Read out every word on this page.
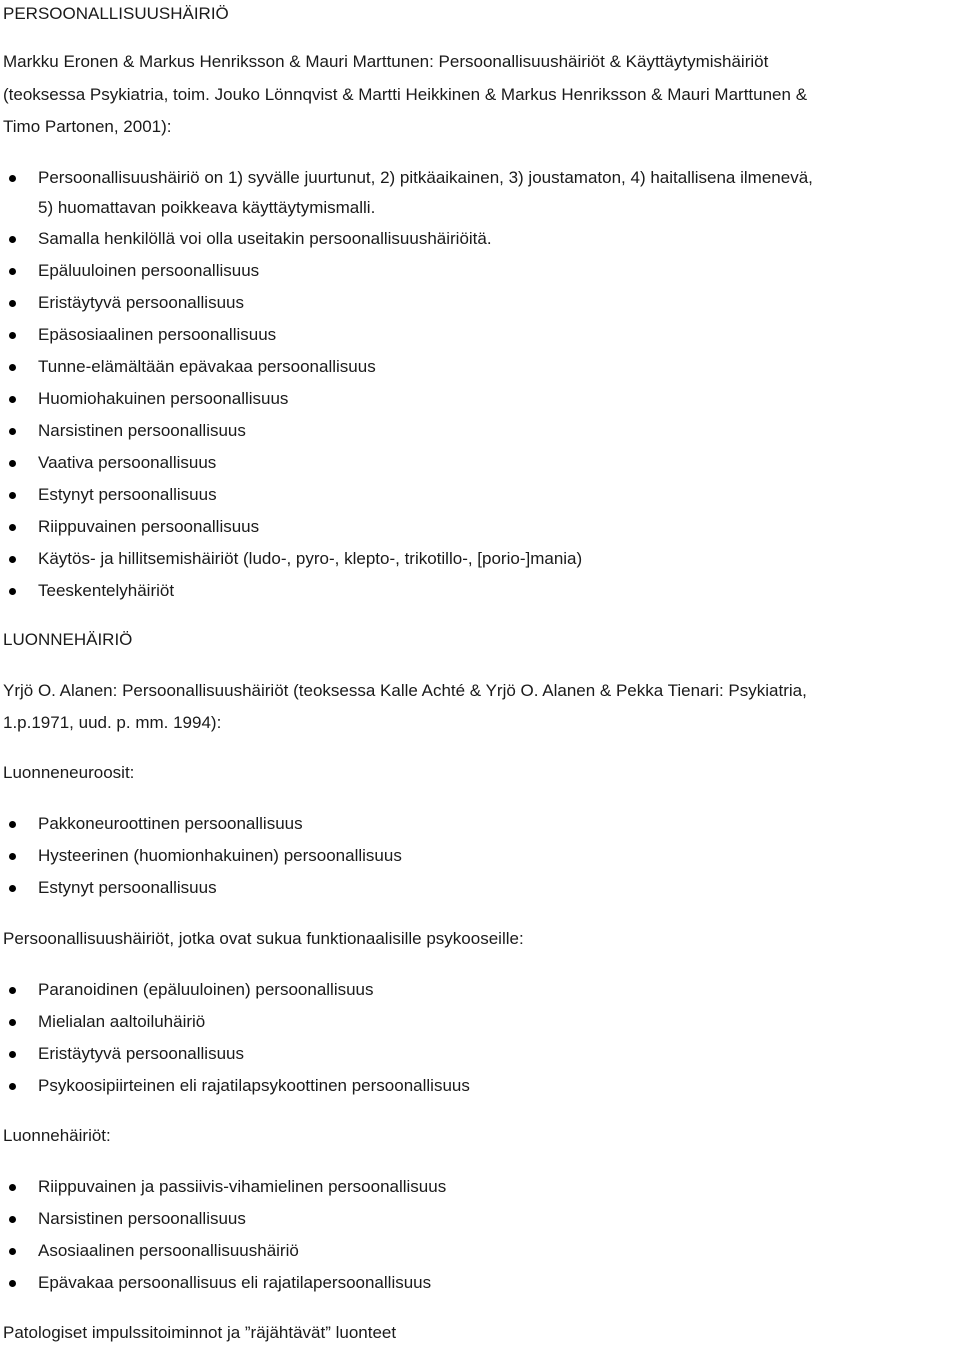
PERSOONALLISUUSHÄIRIÖ
Markku Eronen & Markus Henriksson & Mauri Marttunen: Persoonallisuushäiriöt & Käyttäytymishäiriöt
(teoksessa Psykiatria, toim. Jouko Lönnqvist & Martti Heikkinen & Markus Henriksson & Mauri Marttunen &
Timo Partonen, 2001):
Persoonallisuushäiriö on 1) syvälle juurtunut, 2) pitkäaikainen, 3) joustamaton, 4) haitallisena ilmenevä,
5) huomattavan poikkeava käyttäytymismalli.
Samalla henkilöllä voi olla useitakin persoonallisuushäiriöitä.
Epäluuloinen persoonallisuus
Eristäytyvä persoonallisuus
Epäsosiaalinen persoonallisuus
Tunne-elämältään epävakaa persoonallisuus
Huomiohakuinen persoonallisuus
Narsistinen persoonallisuus
Vaativa persoonallisuus
Estynyt persoonallisuus
Riippuvainen persoonallisuus
Käytös- ja hillitsemishäiriöt (ludo-, pyro-, klepto-, trikotillo-, [porio-]mania)
Teeskentelyhäiriöt
LUONNEHÄIRIÖ
Yrjö O. Alanen: Persoonallisuushäiriöt (teoksessa Kalle Achté & Yrjö O. Alanen & Pekka Tienari: Psykiatria,
1.p.1971, uud. p. mm. 1994):
Luonneneuroosit:
Pakkoneuroottinen persoonallisuus
Hysteerinen (huomionhakuinen) persoonallisuus
Estynyt persoonallisuus
Persoonallisuushäiriöt, jotka ovat sukua funktionaalisille psykooseille:
Paranoidinen (epäluuloinen) persoonallisuus
Mielialan aaltoiluhäiriö
Eristäytyvä persoonallisuus
Psykoosipiirteinen eli rajatilapsykoottinen persoonallisuus
Luonnehäiriöt:
Riippuvainen ja passiivis-vihamielinen persoonallisuus
Narsistinen persoonallisuus
Asosiaalinen persoonallisuushäiriö
Epävakaa persoonallisuus eli rajatilapersoonallisuus
Patologiset impulssitoiminnot ja ”räjähtävät” luonteet
